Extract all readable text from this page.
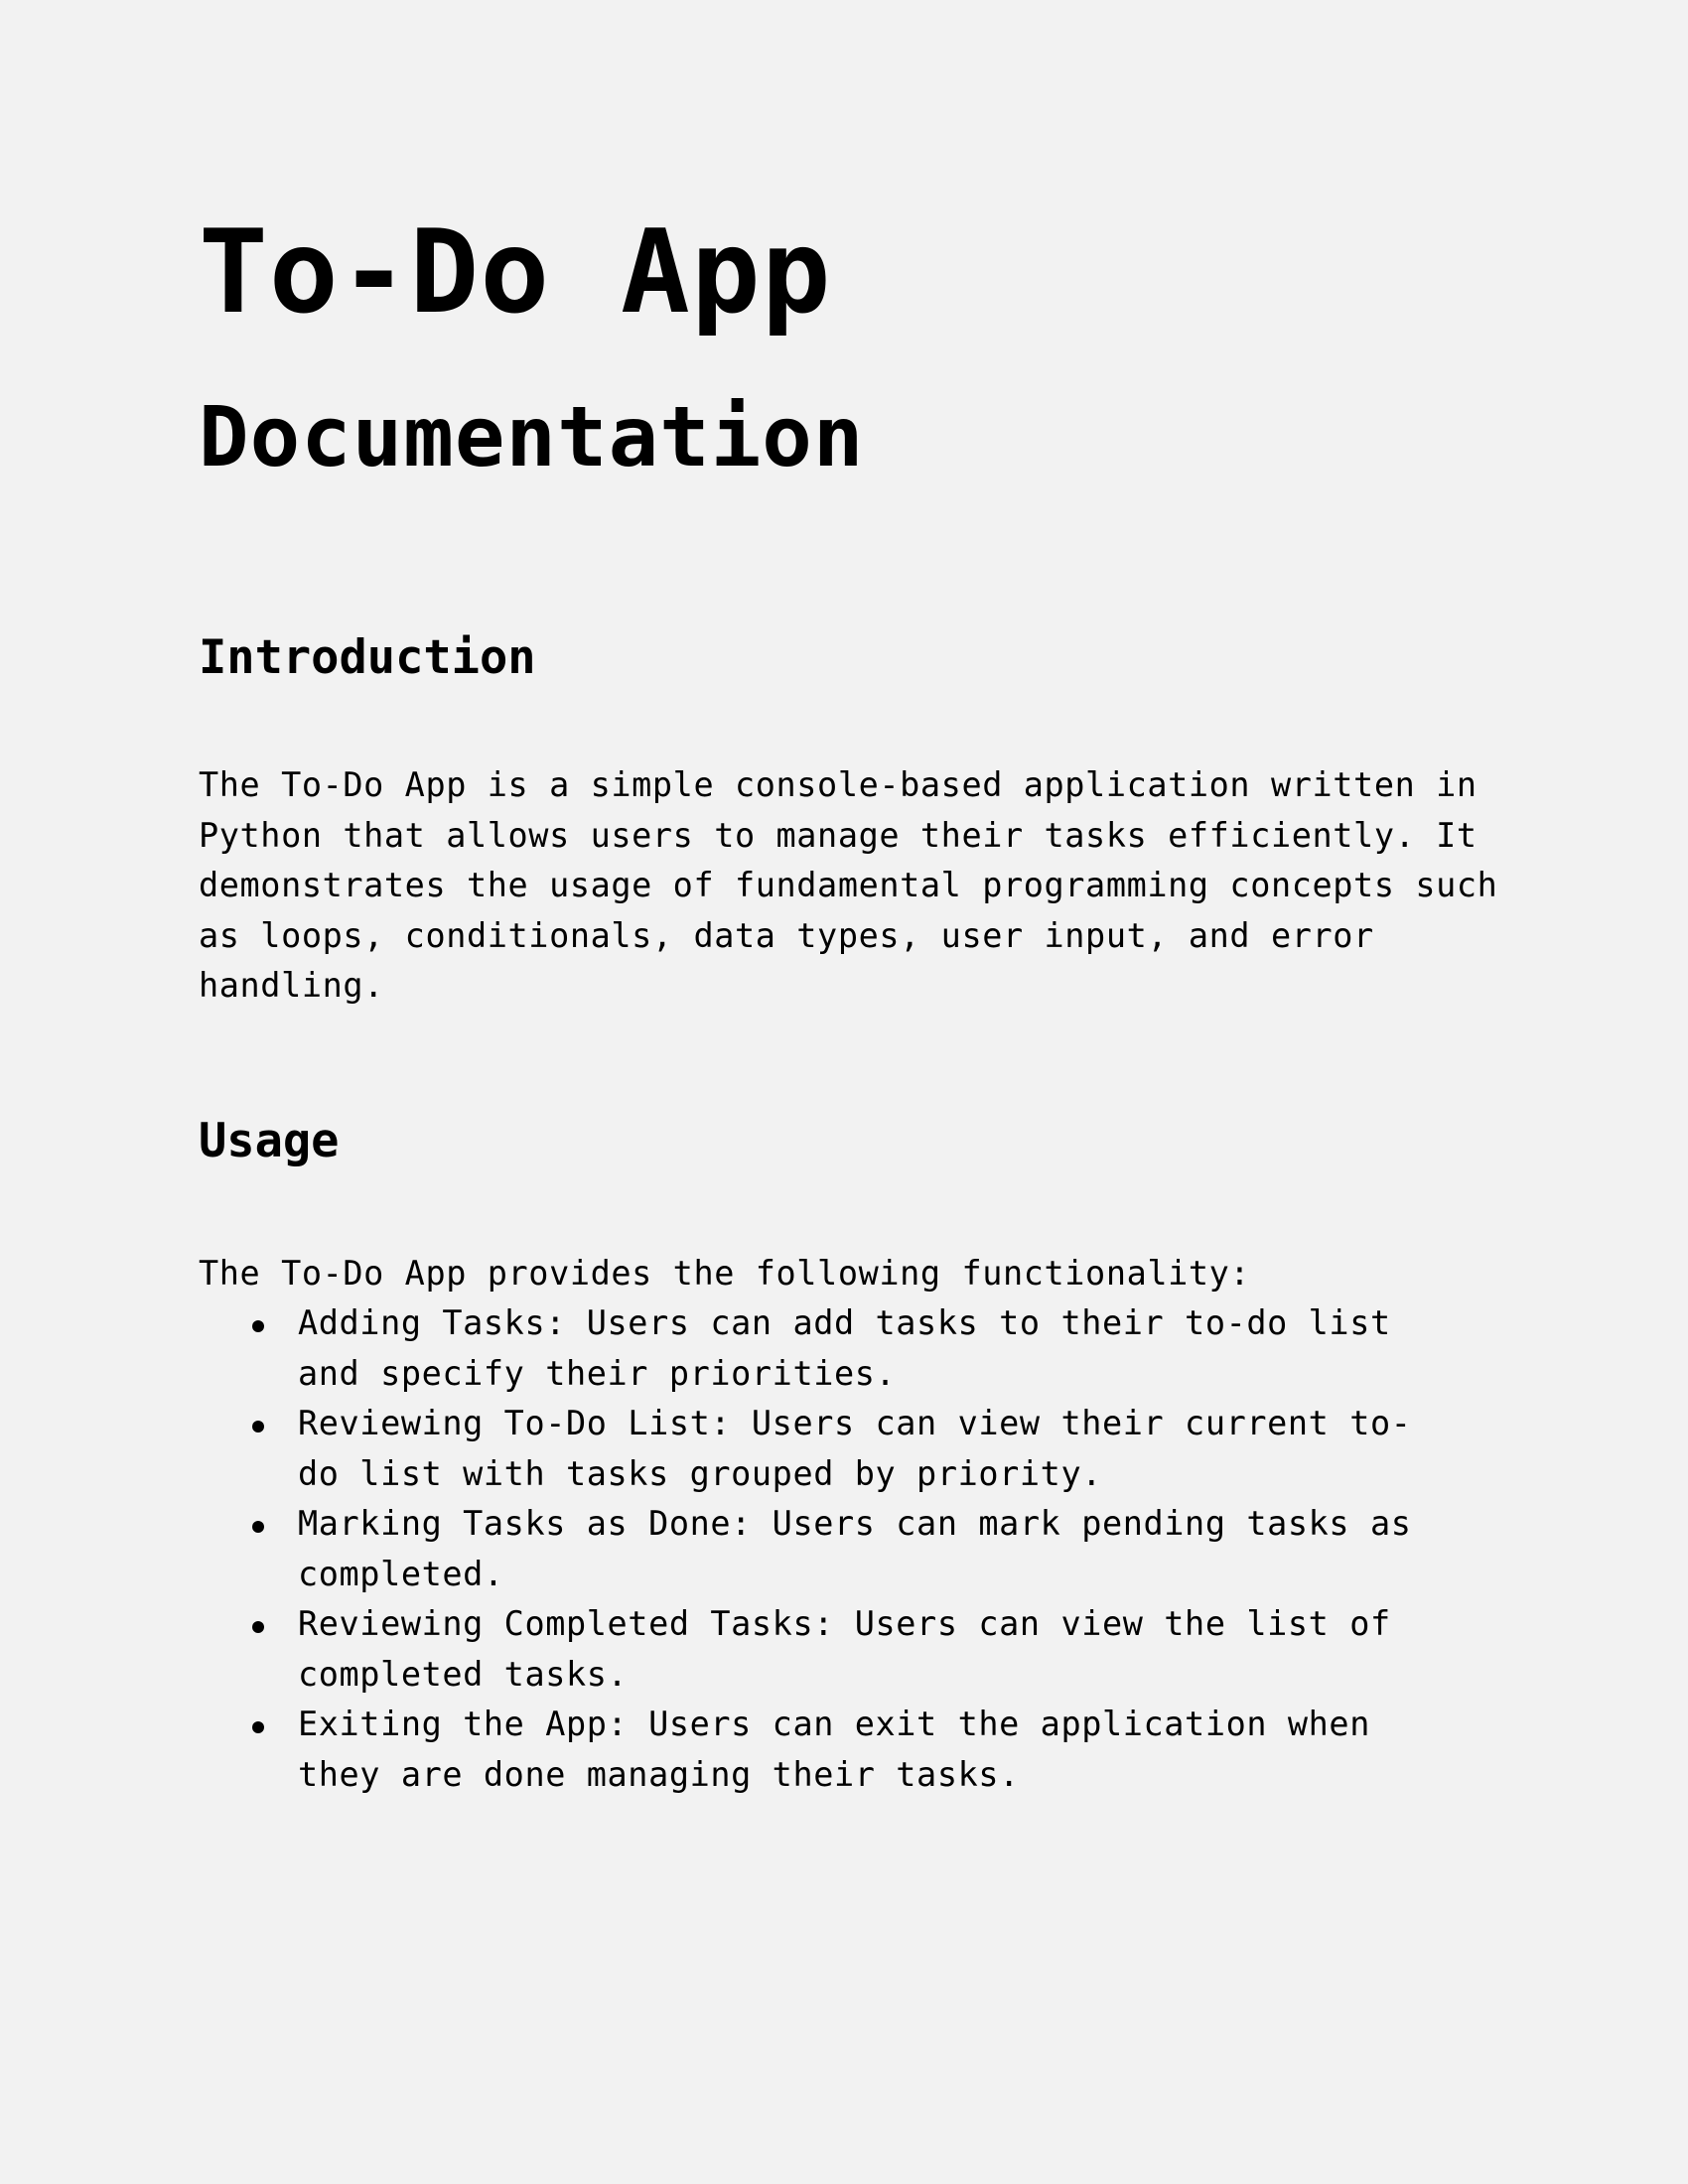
To-Do App
Documentation
Introduction

The To-Do App is a simple console-based application written in
Python that allows users to manage their tasks efficiently. It
demonstrates the usage of fundamental programming concepts such
as loops, conditionals, data types, user input, and error
handling.

Usage

The To-Do App provides the following functionality:

Adding Tasks: Users can add tasks to their to-do list and specify their priorities.
Reviewing To-Do List: Users can view their current to-do list with tasks grouped by priority.
Marking Tasks as Done: Users can mark pending tasks as completed.
Reviewing Completed Tasks: Users can view the list of completed tasks.
Exiting the App: Users can exit the application when they are done managing their tasks.
